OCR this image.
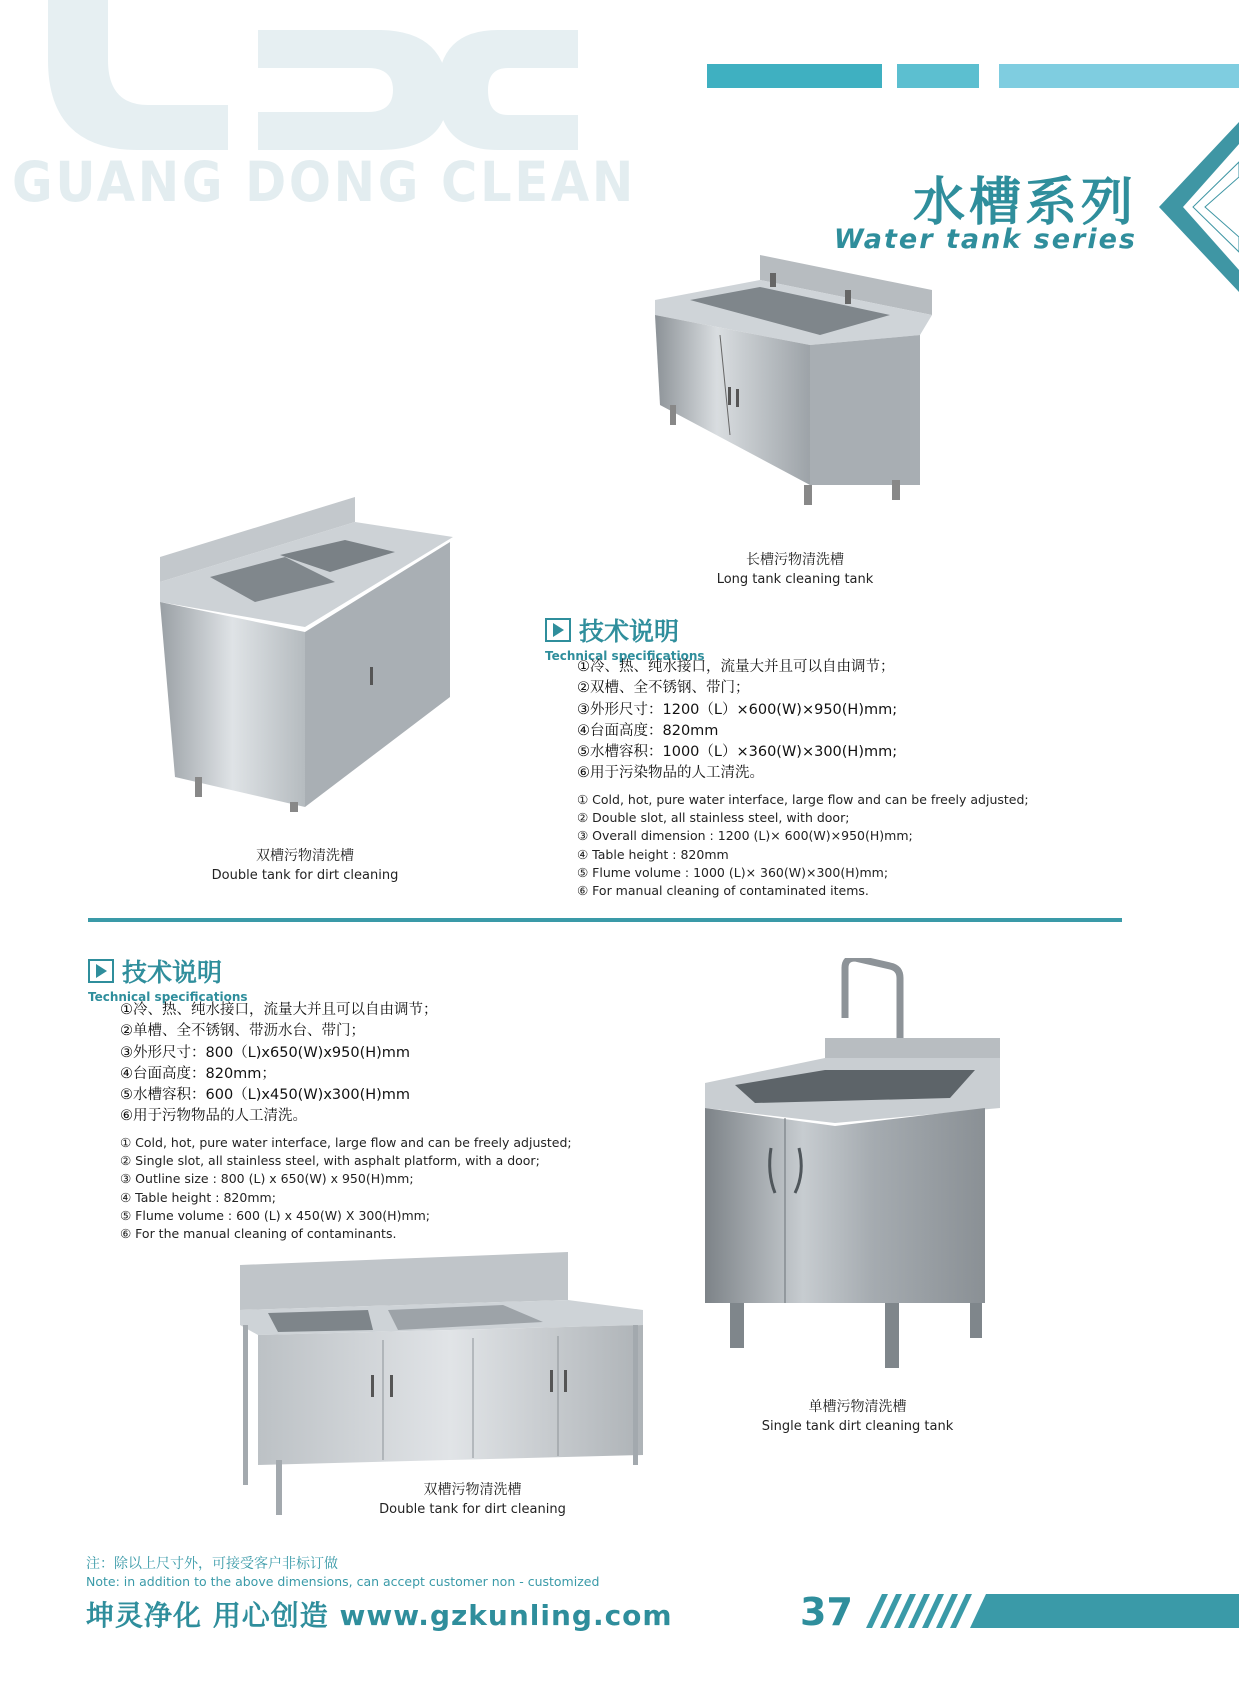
GUANG DONG CLEAN	水槽系列
Water tank series
长槽污物清洗槽
Long tank cleaning tank
双槽污物清洗槽
Double tank for dirt cleaning
技术说明
Technical specifications
①冷、热、纯水接口，流量大并且可以自由调节；
②双槽、全不锈钢、带门；
③外形尺寸：1200（L）×600(W)×950(H)mm;
④台面高度：820mm
⑤水槽容积：1000（L）×360(W)×300(H)mm;
⑥用于污染物品的人工清洗。
① Cold, hot, pure water interface, large flow and can be freely adjusted;
② Double slot, all stainless steel, with door;
③ Overall dimension : 1200 (L)× 600(W)×950(H)mm;
④ Table height : 820mm
⑤ Flume volume : 1000 (L)× 360(W)×300(H)mm;
⑥ For manual cleaning of contaminated items.
技术说明
Technical specifications
①冷、热、纯水接口，流量大并且可以自由调节；
②单槽、全不锈钢、带沥水台、带门；
③外形尺寸：800（L)x650(W)x950(H)mm
④台面高度：820mm；
⑤水槽容积：600（L)x450(W)x300(H)mm
⑥用于污物物品的人工清洗。
① Cold, hot, pure water interface, large flow and can be freely adjusted;
② Single slot, all stainless steel, with asphalt platform, with a door;
③ Outline size : 800 (L) x 650(W) x 950(H)mm;
④ Table height : 820mm;
⑤ Flume volume : 600 (L) x 450(W) X 300(H)mm;
⑥ For the manual cleaning of contaminants.
单槽污物清洗槽
Single tank dirt cleaning tank
双槽污物清洗槽
Double tank for dirt cleaning
注：除以上尺寸外，可接受客户非标订做
Note: in addition to the above dimensions, can accept customer non - customized
坤灵净化 用心创造 www.gzkunling.com	37
